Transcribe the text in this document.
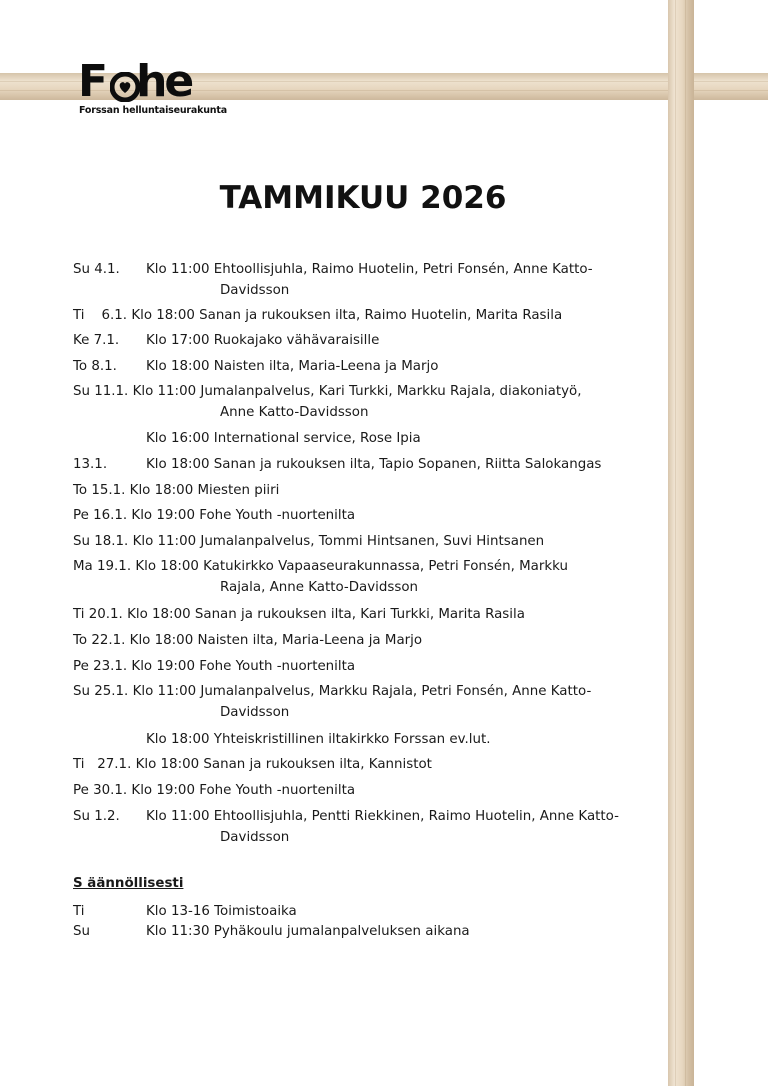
F he
Forssan helluntaiseurakunta
TAMMIKUU 2026
Su 4.1. Klo 11:00 Ehtoollisjuhla, Raimo Huotelin, Petri Fonsén, Anne Katto-
Davidsson
Ti    6.1. Klo 18:00 Sanan ja rukouksen ilta, Raimo Huotelin, Marita Rasila
Ke 7.1. Klo 17:00 Ruokajako vähävaraisille
To 8.1. Klo 18:00 Naisten ilta, Maria-Leena ja Marjo
Su 11.1. Klo 11:00 Jumalanpalvelus, Kari Turkki, Markku Rajala, diakoniatyö,
Anne Katto-Davidsson
Klo 16:00 International service, Rose Ipia
13.1.	Klo 18:00 Sanan ja rukouksen ilta, Tapio Sopanen, Riitta Salokangas
To 15.1. Klo 18:00 Miesten piiri
Pe 16.1. Klo 19:00 Fohe Youth -nuortenilta
Su 18.1. Klo 11:00 Jumalanpalvelus, Tommi Hintsanen, Suvi Hintsanen
Ma 19.1. Klo 18:00 Katukirkko Vapaaseurakunnassa, Petri Fonsén, Markku
Rajala, Anne Katto-Davidsson
Ti 20.1. Klo 18:00 Sanan ja rukouksen ilta, Kari Turkki, Marita Rasila
To 22.1. Klo 18:00 Naisten ilta, Maria-Leena ja Marjo
Pe 23.1. Klo 19:00 Fohe Youth -nuortenilta
Su 25.1. Klo 11:00 Jumalanpalvelus, Markku Rajala, Petri Fonsén, Anne Katto-
Davidsson
Klo 18:00 Yhteiskristillinen iltakirkko Forssan ev.lut.
Ti   27.1. Klo 18:00 Sanan ja rukouksen ilta, Kannistot
Pe 30.1. Klo 19:00 Fohe Youth -nuortenilta
Su 1.2. Klo 11:00 Ehtoollisjuhla, Pentti Riekkinen, Raimo Huotelin, Anne Katto-
Davidsson
S äännöllisesti
Ti	Klo 13-16 Toimistoaika
Su	Klo 11:30 Pyhäkoulu jumalanpalveluksen aikana
